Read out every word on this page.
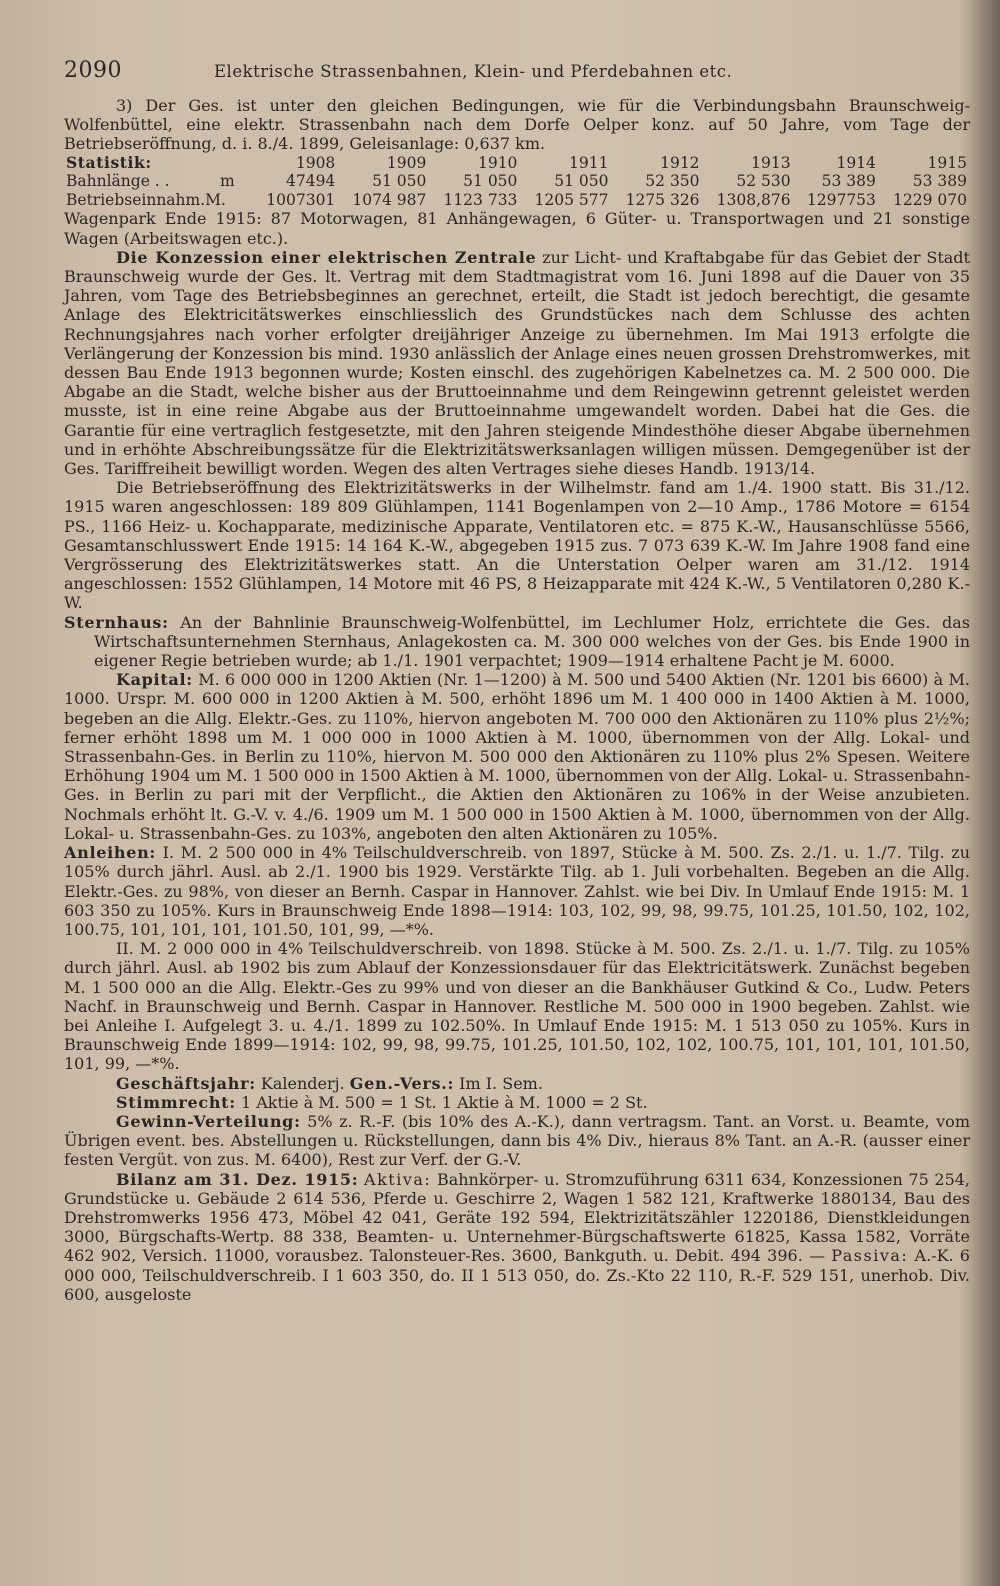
2090	Elektrische Strassenbahnen, Klein- und Pferdebahnen etc.

3) Der Ges. ist unter den gleichen Bedingungen, wie für die Verbindungsbahn Braunschweig-Wolfenbüttel, eine elektr. Strassenbahn nach dem Dorfe Oelper konz. auf 50 Jahre, vom Tage der Betriebseröffnung, d. i. 8./4. 1899, Geleisanlage: 0,637 km.

Statistik:		1908	1909	1910	1911	1912	1913	1914	1915
Bahnlänge . .	m	47494	51 050	51 050	51 050	52 350	52 530	53 389	53 389
Betriebseinnahm.M.		1007301	1074 987	1123 733	1205 577	1275 326	1308,876	1297753	1229 070

Wagenpark Ende 1915: 87 Motorwagen, 81 Anhängewagen, 6 Güter- u. Transportwagen und 21 sonstige Wagen (Arbeitswagen etc.).

Die Konzession einer elektrischen Zentrale zur Licht- und Kraftabgabe für das Gebiet der Stadt Braunschweig wurde der Ges. lt. Vertrag mit dem Stadtmagistrat vom 16. Juni 1898 auf die Dauer von 35 Jahren, vom Tage des Betriebsbeginnes an gerechnet, erteilt, die Stadt ist jedoch berechtigt, die gesamte Anlage des Elektricitätswerkes einschliesslich des Grundstückes nach dem Schlusse des achten Rechnungsjahres nach vorher erfolgter dreijähriger Anzeige zu übernehmen. Im Mai 1913 erfolgte die Verlängerung der Konzession bis mind. 1930 anlässlich der Anlage eines neuen grossen Drehstromwerkes, mit dessen Bau Ende 1913 begonnen wurde; Kosten einschl. des zugehörigen Kabelnetzes ca. M. 2 500 000. Die Abgabe an die Stadt, welche bisher aus der Bruttoeinnahme und dem Reingewinn getrennt geleistet werden musste, ist in eine reine Abgabe aus der Bruttoeinnahme umgewandelt worden. Dabei hat die Ges. die Garantie für eine vertraglich festgesetzte, mit den Jahren steigende Mindesthöhe dieser Abgabe übernehmen und in erhöhte Abschreibungssätze für die Elektrizitätswerksanlagen willigen müssen. Demgegenüber ist der Ges. Tariffreiheit bewilligt worden. Wegen des alten Vertrages siehe dieses Handb. 1913/14.

Die Betriebseröffnung des Elektrizitätswerks in der Wilhelmstr. fand am 1./4. 1900 statt. Bis 31./12. 1915 waren angeschlossen: 189 809 Glühlampen, 1141 Bogenlampen von 2—10 Amp., 1786 Motore = 6154 PS., 1166 Heiz- u. Kochapparate, medizinische Apparate, Ventilatoren etc. = 875 K.-W., Hausanschlüsse 5566, Gesamtanschlusswert Ende 1915: 14 164 K.-W., abgegeben 1915 zus. 7 073 639 K.-W. Im Jahre 1908 fand eine Vergrösserung des Elektrizitätswerkes statt. An die Unterstation Oelper waren am 31./12. 1914 angeschlossen: 1552 Glühlampen, 14 Motore mit 46 PS, 8 Heizapparate mit 424 K.-W., 5 Ventilatoren 0,280 K.-W.

Sternhaus: An der Bahnlinie Braunschweig-Wolfenbüttel, im Lechlumer Holz, errichtete die Ges. das Wirtschaftsunternehmen Sternhaus, Anlagekosten ca. M. 300 000 welches von der Ges. bis Ende 1900 in eigener Regie betrieben wurde; ab 1./1. 1901 verpachtet; 1909—1914 erhaltene Pacht je M. 6000.

Kapital: M. 6 000 000 in 1200 Aktien (Nr. 1—1200) à M. 500 und 5400 Aktien (Nr. 1201 bis 6600) à M. 1000. Urspr. M. 600 000 in 1200 Aktien à M. 500, erhöht 1896 um M. 1 400 000 in 1400 Aktien à M. 1000, begeben an die Allg. Elektr.-Ges. zu 110%, hiervon angeboten M. 700 000 den Aktionären zu 110% plus 2½%; ferner erhöht 1898 um M. 1 000 000 in 1000 Aktien à M. 1000, übernommen von der Allg. Lokal- und Strassenbahn-Ges. in Berlin zu 110%, hiervon M. 500 000 den Aktionären zu 110% plus 2% Spesen. Weitere Erhöhung 1904 um M. 1 500 000 in 1500 Aktien à M. 1000, übernommen von der Allg. Lokal- u. Strassenbahn-Ges. in Berlin zu pari mit der Verpflicht., die Aktien den Aktionären zu 106% in der Weise anzubieten. Nochmals erhöht lt. G.-V. v. 4./6. 1909 um M. 1 500 000 in 1500 Aktien à M. 1000, übernommen von der Allg. Lokal- u. Strassenbahn-Ges. zu 103%, angeboten den alten Aktionären zu 105%.

Anleihen: I. M. 2 500 000 in 4% Teilschuldverschreib. von 1897, Stücke à M. 500. Zs. 2./1. u. 1./7. Tilg. zu 105% durch jährl. Ausl. ab 2./1. 1900 bis 1929. Verstärkte Tilg. ab 1. Juli vorbehalten. Begeben an die Allg. Elektr.-Ges. zu 98%, von dieser an Bernh. Caspar in Hannover. Zahlst. wie bei Div. In Umlauf Ende 1915: M. 1 603 350 zu 105%. Kurs in Braunschweig Ende 1898—1914: 103, 102, 99, 98, 99.75, 101.25, 101.50, 102, 102, 100.75, 101, 101, 101, 101.50, 101, 99, —*%.

II. M. 2 000 000 in 4% Teilschuldverschreib. von 1898. Stücke à M. 500. Zs. 2./1. u. 1./7. Tilg. zu 105% durch jährl. Ausl. ab 1902 bis zum Ablauf der Konzessionsdauer für das Elektricitätswerk. Zunächst begeben M. 1 500 000 an die Allg. Elektr.-Ges zu 99% und von dieser an die Bankhäuser Gutkind & Co., Ludw. Peters Nachf. in Braunschweig und Bernh. Caspar in Hannover. Restliche M. 500 000 in 1900 begeben. Zahlst. wie bei Anleihe I. Aufgelegt 3. u. 4./1. 1899 zu 102.50%. In Umlauf Ende 1915: M. 1 513 050 zu 105%. Kurs in Braunschweig Ende 1899—1914: 102, 99, 98, 99.75, 101.25, 101.50, 102, 102, 100.75, 101, 101, 101, 101.50, 101, 99, —*%.

Geschäftsjahr: Kalenderj. Gen.-Vers.: Im I. Sem.

Stimmrecht: 1 Aktie à M. 500 = 1 St. 1 Aktie à M. 1000 = 2 St.

Gewinn-Verteilung: 5% z. R.-F. (bis 10% des A.-K.), dann vertragsm. Tant. an Vorst. u. Beamte, vom Übrigen event. bes. Abstellungen u. Rückstellungen, dann bis 4% Div., hieraus 8% Tant. an A.-R. (ausser einer festen Vergüt. von zus. M. 6400), Rest zur Verf. der G.-V.

Bilanz am 31. Dez. 1915: Aktiva: Bahnkörper- u. Stromzuführung 6311 634, Konzessionen 75 254, Grundstücke u. Gebäude 2 614 536, Pferde u. Geschirre 2, Wagen 1 582 121, Kraftwerke 1880134, Bau des Drehstromwerks 1956 473, Möbel 42 041, Geräte 192 594, Elektrizitätszähler 1220186, Dienstkleidungen 3000, Bürgschafts-Wertp. 88 338, Beamten- u. Unternehmer-Bürgschaftswerte 61825, Kassa 1582, Vorräte 462 902, Versich. 11000, vorausbez. Talonsteuer-Res. 3600, Bankguth. u. Debit. 494 396. — Passiva: A.-K. 6 000 000, Teilschuldverschreib. I 1 603 350, do. II 1 513 050, do. Zs.-Kto 22 110, R.-F. 529 151, unerhob. Div. 600, ausgeloste
